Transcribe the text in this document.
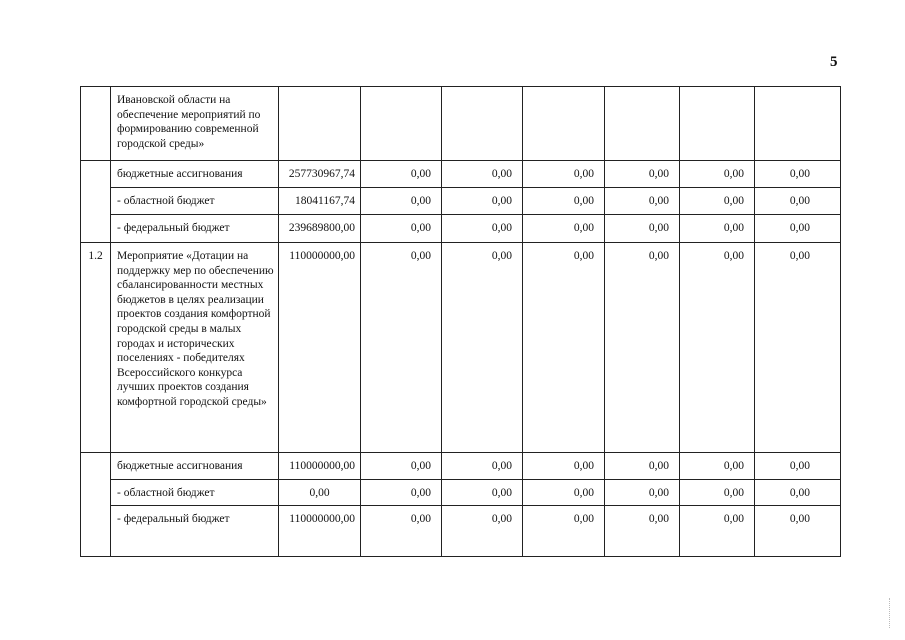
5
	Ивановской области на обеспечение мероприятий по формированию современной городской среды»							
	бюджетные ассигнования	257730967,74	0,00	0,00	0,00	0,00	0,00	0,00
	- областной бюджет	18041167,74	0,00	0,00	0,00	0,00	0,00	0,00
	- федеральный бюджет	239689800,00	0,00	0,00	0,00	0,00	0,00	0,00
1.2	Мероприятие «Дотации на поддержку мер по обеспечению сбалансированности местных бюджетов в целях реализации проектов создания комфортной городской среды в малых городах и исторических поселениях - победителях Всероссийского конкурса лучших проектов создания комфортной городской среды»	110000000,00	0,00	0,00	0,00	0,00	0,00	0,00
	бюджетные ассигнования	110000000,00	0,00	0,00	0,00	0,00	0,00	0,00
	- областной бюджет	0,00	0,00	0,00	0,00	0,00	0,00	0,00
	- федеральный бюджет	110000000,00	0,00	0,00	0,00	0,00	0,00	0,00
